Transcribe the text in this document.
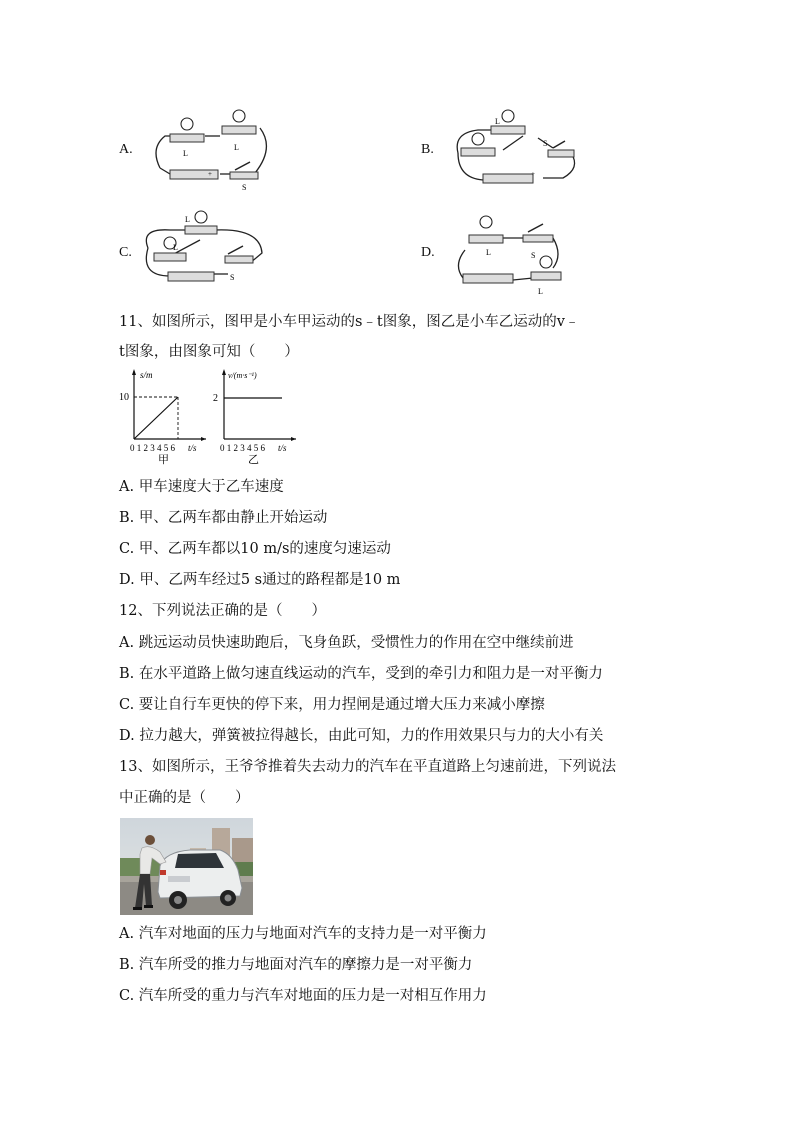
A.	B.
C.	D.
L
L
S
+
L
S
+
L
L
S
L	S
L
11、如图所示，图甲是小车甲运动的s﹣t图象，图乙是小车乙运动的v﹣
t图象，由图象可知（　　）
s/m
10
0 1 2 3 4 5 6 t/s
甲
v/(m·s⁻¹)
2
0 1 2 3 4 5 6 t/s
乙
A. 甲车速度大于乙车速度
B. 甲、乙两车都由静止开始运动
C. 甲、乙两车都以10 m/s的速度匀速运动
D. 甲、乙两车经过5 s通过的路程都是10 m
12、下列说法正确的是（　　）
A. 跳远运动员快速助跑后，飞身鱼跃，受惯性力的作用在空中继续前进
B. 在水平道路上做匀速直线运动的汽车，受到的牵引力和阻力是一对平衡力
C. 要让自行车更快的停下来，用力捏闸是通过增大压力来减小摩擦
D. 拉力越大，弹簧被拉得越长，由此可知，力的作用效果只与力的大小有关
13、如图所示，王爷爷推着失去动力的汽车在平直道路上匀速前进，下列说法
中正确的是（　　）
A. 汽车对地面的压力与地面对汽车的支持力是一对平衡力
B. 汽车所受的推力与地面对汽车的摩擦力是一对平衡力
C. 汽车所受的重力与汽车对地面的压力是一对相互作用力
